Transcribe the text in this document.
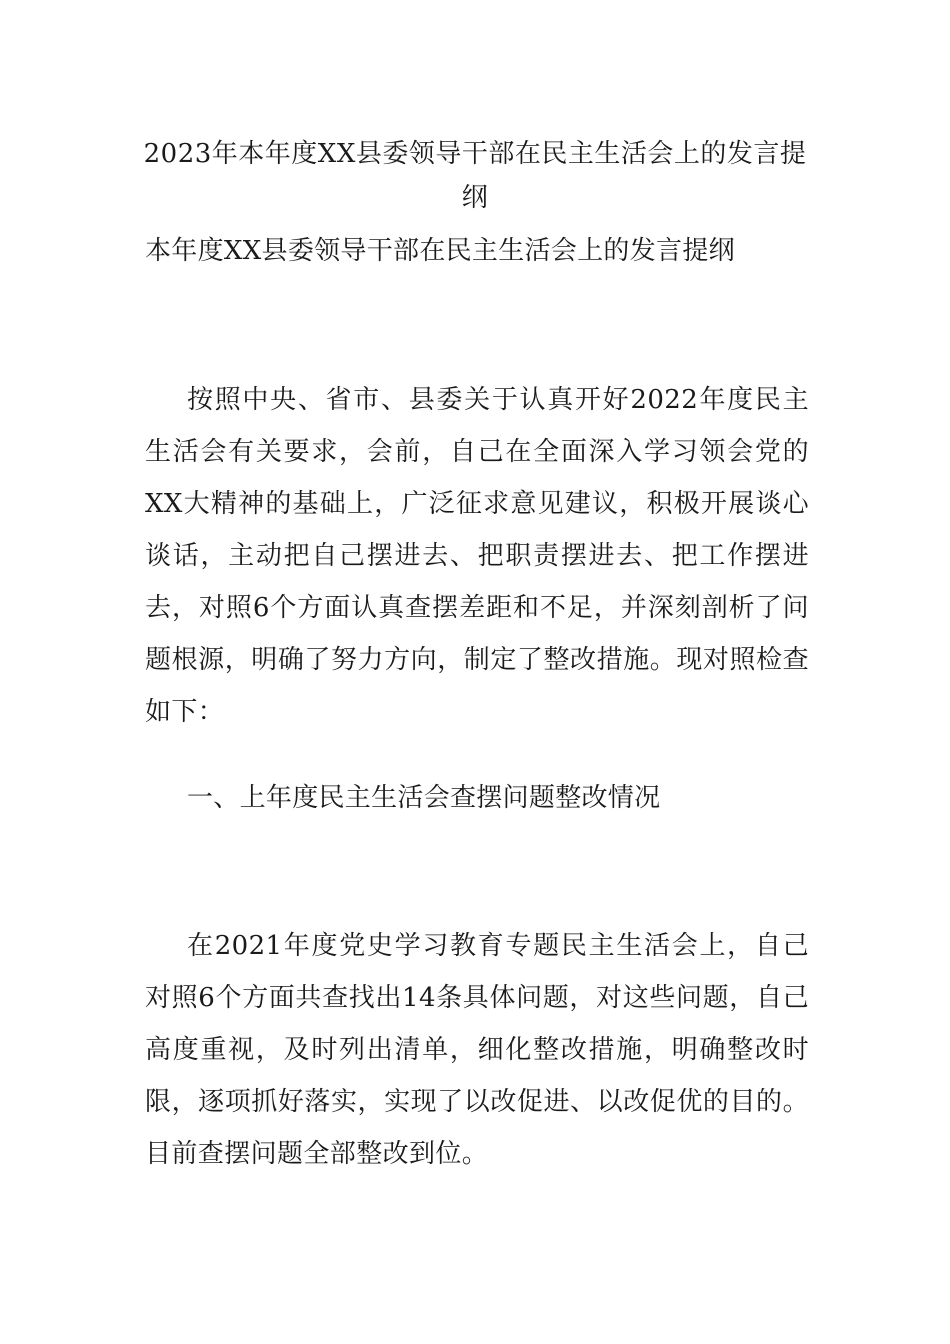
2023年本年度XX县委领导干部在民主生活会上的发言提纲
本年度XX县委领导干部在民主生活会上的发言提纲
按照中央、省市、县委关于认真开好2022年度民主生活会有关要求，会前，自己在全面深入学习领会党的XX大精神的基础上，广泛征求意见建议，积极开展谈心谈话，主动把自己摆进去、把职责摆进去、把工作摆进去，对照6个方面认真查摆差距和不足，并深刻剖析了问题根源，明确了努力方向，制定了整改措施。现对照检查如下：
一、上年度民主生活会查摆问题整改情况
在2021年度党史学习教育专题民主生活会上，自己对照6个方面共查找出14条具体问题，对这些问题，自己高度重视，及时列出清单，细化整改措施，明确整改时限，逐项抓好落实，实现了以改促进、以改促优的目的。目前查摆问题全部整改到位。
